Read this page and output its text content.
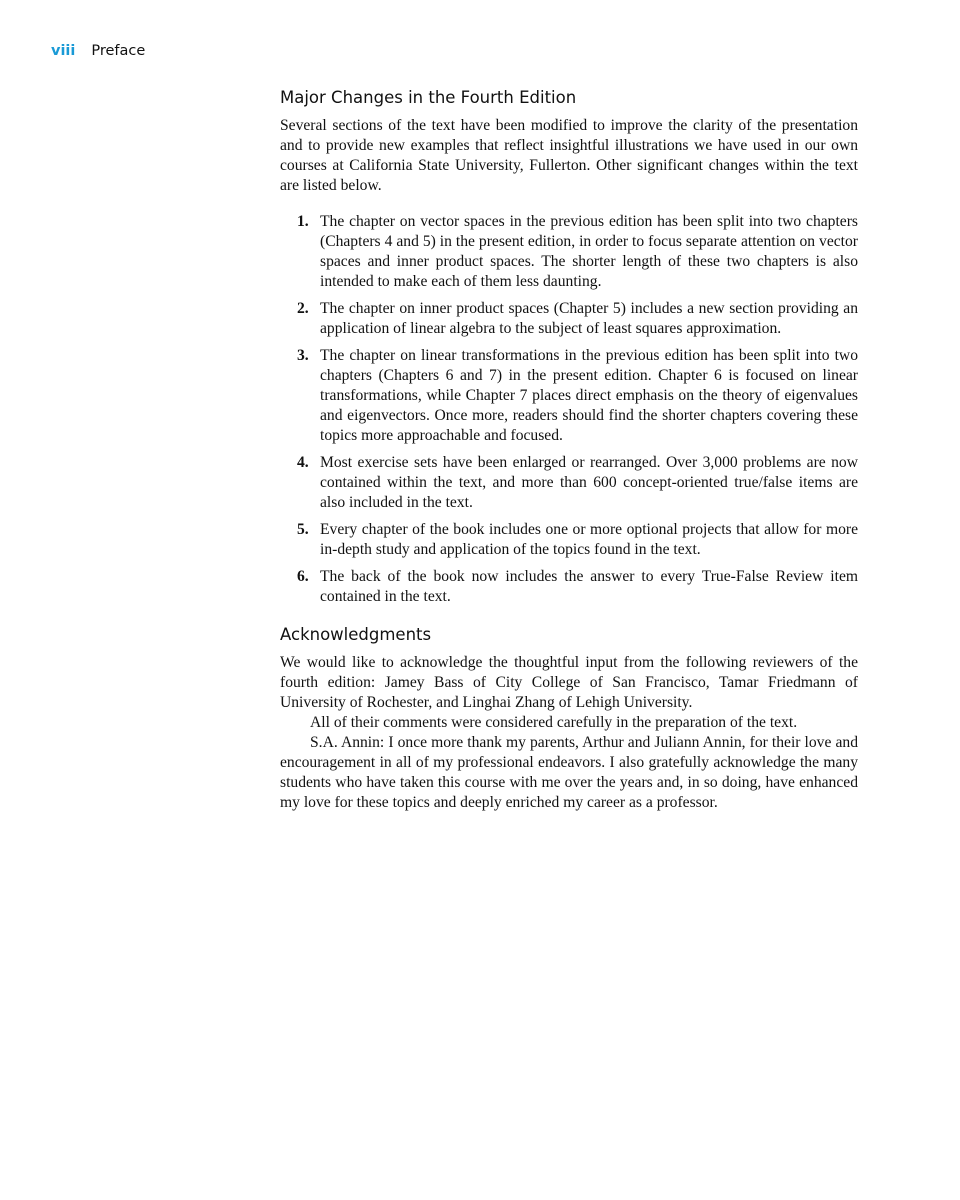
viii Preface
Major Changes in the Fourth Edition

Several sections of the text have been modified to improve the clarity of the presentation and to provide new examples that reflect insightful illustrations we have used in our own courses at California State University, Fullerton. Other significant changes within the text are listed below.

1. The chapter on vector spaces in the previous edition has been split into two chapters (Chapters 4 and 5) in the present edition, in order to focus separate attention on vector spaces and inner product spaces. The shorter length of these two chapters is also intended to make each of them less daunting.

2. The chapter on inner product spaces (Chapter 5) includes a new section providing an application of linear algebra to the subject of least squares approximation.

3. The chapter on linear transformations in the previous edition has been split into two chapters (Chapters 6 and 7) in the present edition. Chapter 6 is focused on linear transformations, while Chapter 7 places direct emphasis on the theory of eigenvalues and eigenvectors. Once more, readers should find the shorter chapters covering these topics more approachable and focused.

4. Most exercise sets have been enlarged or rearranged. Over 3,000 problems are now contained within the text, and more than 600 concept-oriented true/false items are also included in the text.

5. Every chapter of the book includes one or more optional projects that allow for more in-depth study and application of the topics found in the text.

6. The back of the book now includes the answer to every True-False Review item contained in the text.

Acknowledgments

We would like to acknowledge the thoughtful input from the following reviewers of the fourth edition: Jamey Bass of City College of San Francisco, Tamar Friedmann of University of Rochester, and Linghai Zhang of Lehigh University.

All of their comments were considered carefully in the preparation of the text.

S.A. Annin: I once more thank my parents, Arthur and Juliann Annin, for their love and encouragement in all of my professional endeavors. I also gratefully acknowledge the many students who have taken this course with me over the years and, in so doing, have enhanced my love for these topics and deeply enriched my career as a professor.
